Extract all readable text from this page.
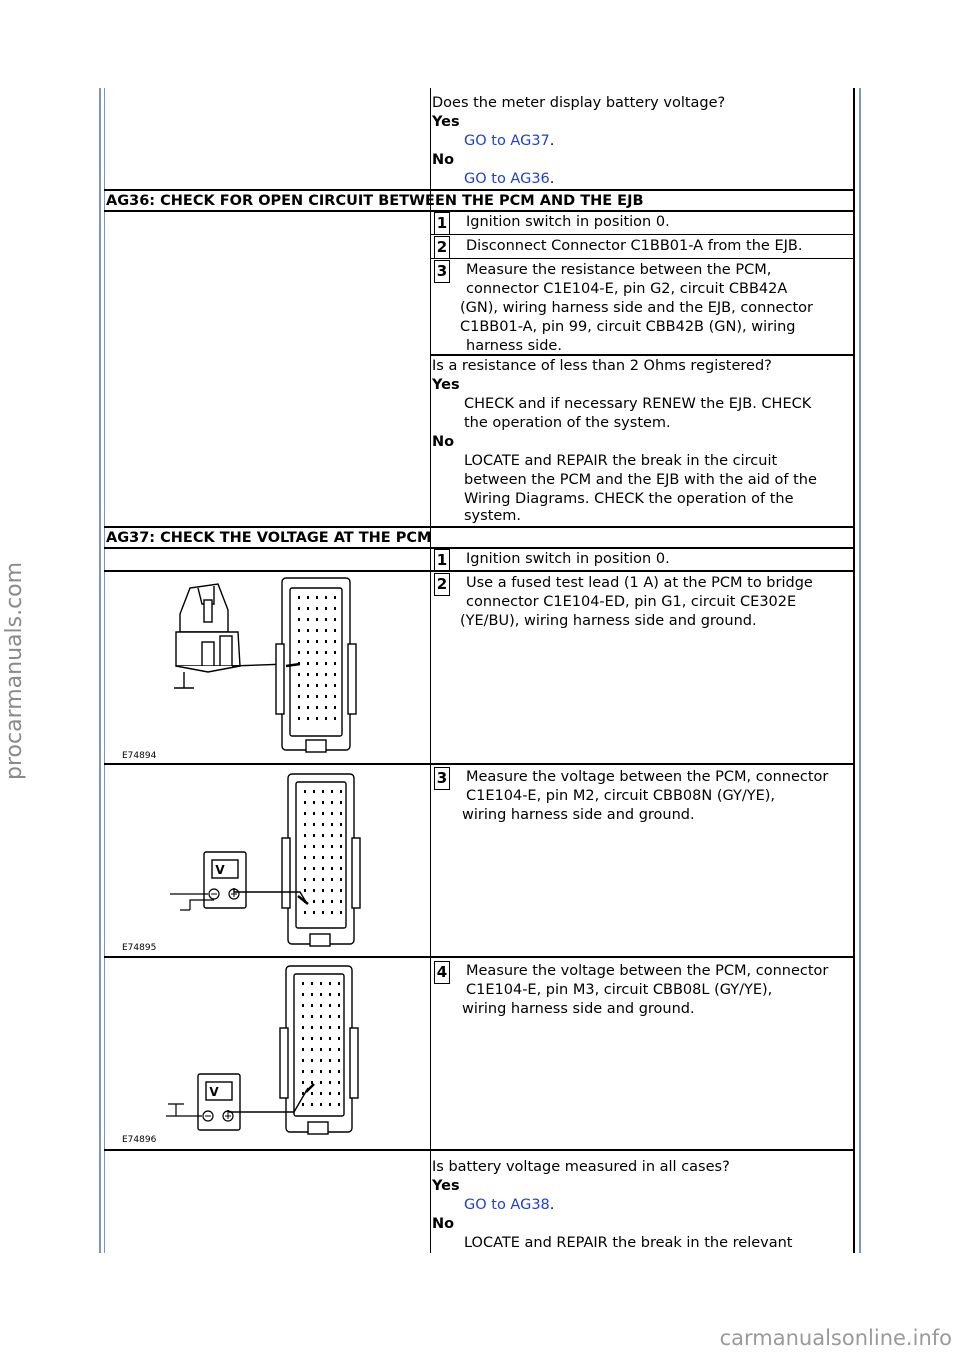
Does the meter display battery voltage?
Yes
GO to AG37.
No
GO to AG36.
AG36: CHECK FOR OPEN CIRCUIT BETWEEN THE PCM AND THE EJB
1 Ignition switch in position 0.
2 Disconnect Connector C1BB01-A from the EJB.
3 Measure the resistance between the PCM,
connector C1E104-E, pin G2, circuit CBB42A
(GN), wiring harness side and the EJB, connector
C1BB01-A, pin 99, circuit CBB42B (GN), wiring
harness side.
Is a resistance of less than 2 Ohms registered?
Yes
CHECK and if necessary RENEW the EJB. CHECK
the operation of the system.
No
LOCATE and REPAIR the break in the circuit
between the PCM and the EJB with the aid of the
Wiring Diagrams. CHECK the operation of the
system.
AG37: CHECK THE VOLTAGE AT THE PCM
1 Ignition switch in position 0.
2 Use a fused test lead (1 A) at the PCM to bridge
connector C1E104-ED, pin G1, circuit CE302E
(YE/BU), wiring harness side and ground.
E74894
3 Measure the voltage between the PCM, connector
C1E104-E, pin M2, circuit CBB08N (GY/YE),
wiring harness side and ground.
V
E74895
4 Measure the voltage between the PCM, connector
C1E104-E, pin M3, circuit CBB08L (GY/YE),
wiring harness side and ground.
V
E74896
Is battery voltage measured in all cases?
Yes
GO to AG38.
No
LOCATE and REPAIR the break in the relevant
procarmanuals.com
carmanualsonline.info
